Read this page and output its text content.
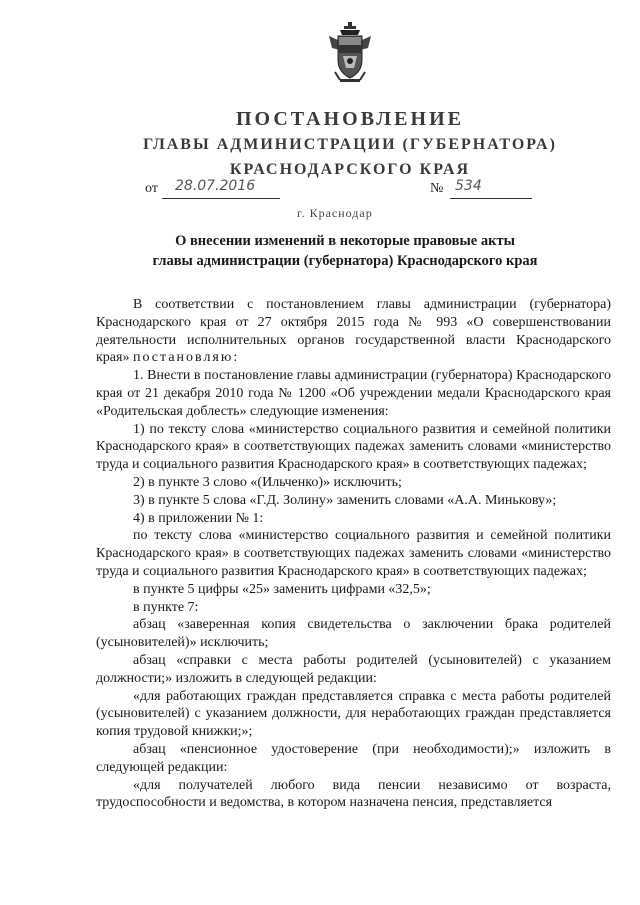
ПОСТАНОВЛЕНИЕ
ГЛАВЫ АДМИНИСТРАЦИИ (ГУБЕРНАТОРА)
КРАСНОДАРСКОГО КРАЯ
от 28.07.2016	№ 534
г. Краснодар
О внесении изменений в некоторые правовые акты
главы администрации (губернатора) Краснодарского края

В соответствии с постановлением главы администрации (губернатора) Краснодарского края от 27 октября 2015 года № 993 «О совершенствовании деятельности исполнительных органов государственной власти Краснодарского края» постановляю:

1. Внести в постановление главы администрации (губернатора) Краснодарского края от 21 декабря 2010 года № 1200 «Об учреждении медали Краснодарского края «Родительская доблесть» следующие изменения:

1) по тексту слова «министерство социального развития и семейной политики Краснодарского края» в соответствующих падежах заменить словами «министерство труда и социального развития Краснодарского края» в соответствующих падежах;

2) в пункте 3 слово «(Ильченко)» исключить;

3) в пункте 5 слова «Г.Д. Золину» заменить словами «А.А. Минькову»;

4) в приложении № 1:

по тексту слова «министерство социального развития и семейной политики Краснодарского края» в соответствующих падежах заменить словами «министерство труда и социального развития Краснодарского края» в соответствующих падежах;

в пункте 5 цифры «25» заменить цифрами «32,5»;

в пункте 7:

абзац «заверенная копия свидетельства о заключении брака родителей (усыновителей)» исключить;

абзац «справки с места работы родителей (усыновителей) с указанием должности;» изложить в следующей редакции:

«для работающих граждан представляется справка с места работы родителей (усыновителей) с указанием должности, для неработающих граждан представляется копия трудовой книжки;»;

абзац «пенсионное удостоверение (при необходимости);» изложить в следующей редакции:

«для получателей любого вида пенсии независимо от возраста, трудоспособности и ведомства, в котором назначена пенсия, представляется
